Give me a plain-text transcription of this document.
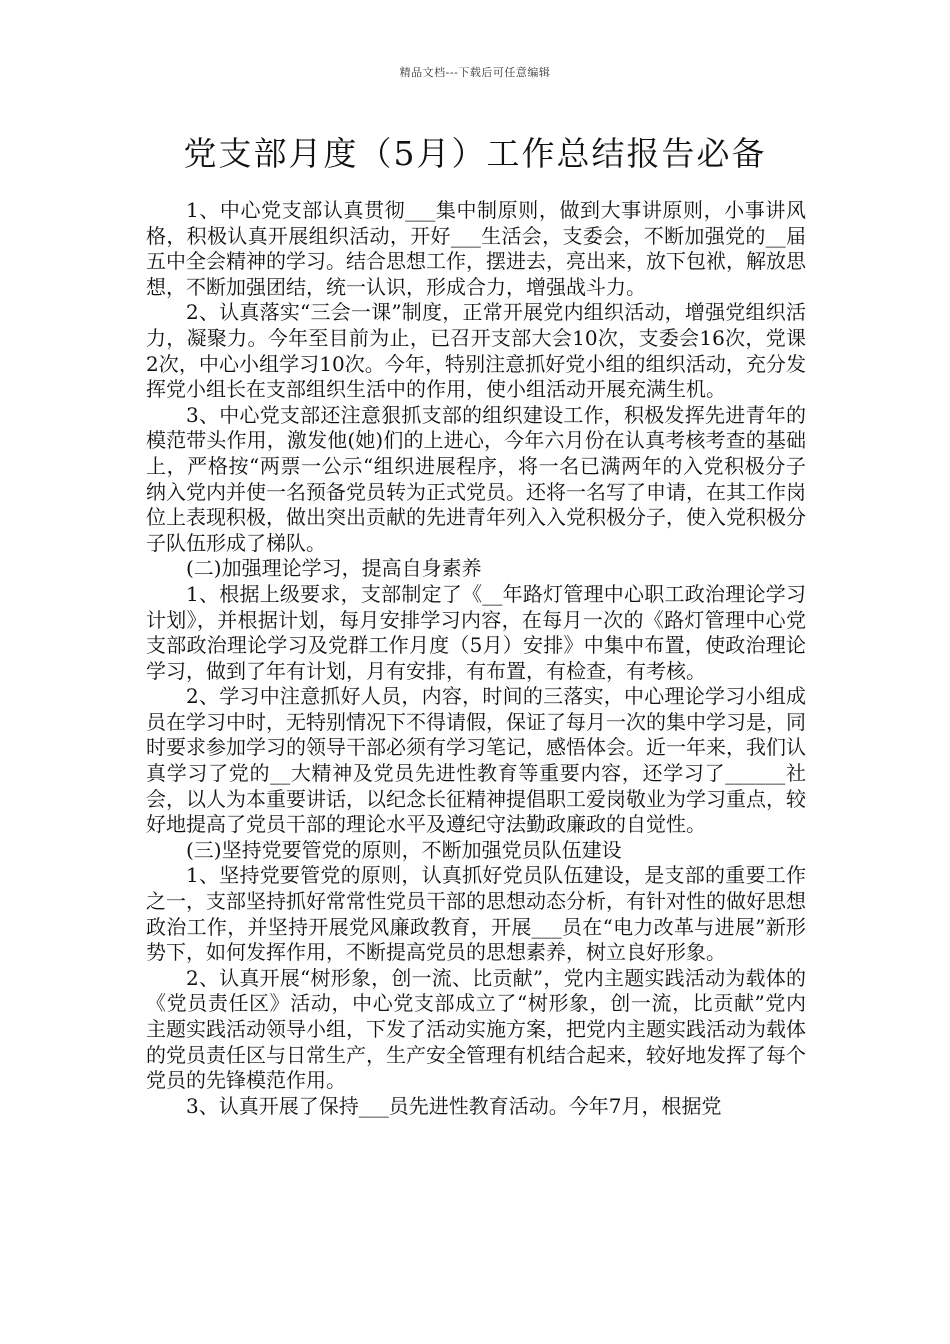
精品文档---下载后可任意编辑
党支部月度（5月）工作总结报告必备

1、中心党支部认真贯彻___集中制原则，做到大事讲原则，小事讲风格，积极认真开展组织活动，开好___生活会，支委会，不断加强党的__届五中全会精神的学习。结合思想工作，摆进去，亮出来，放下包袱，解放思想，不断加强团结，统一认识，形成合力，增强战斗力。

2、认真落实“三会一课”制度，正常开展党内组织活动，增强党组织活力，凝聚力。今年至目前为止，已召开支部大会10次，支委会16次，党课2次，中心小组学习10次。今年，特别注意抓好党小组的组织活动，充分发挥党小组长在支部组织生活中的作用，使小组活动开展充满生机。

3、中心党支部还注意狠抓支部的组织建设工作，积极发挥先进青年的模范带头作用，激发他(她)们的上进心，今年六月份在认真考核考查的基础上，严格按“两票一公示“组织进展程序，将一名已满两年的入党积极分子纳入党内并使一名预备党员转为正式党员。还将一名写了申请，在其工作岗位上表现积极，做出突出贡献的先进青年列入入党积极分子，使入党积极分子队伍形成了梯队。

(二)加强理论学习，提高自身素养

1、根据上级要求，支部制定了《__年路灯管理中心职工政治理论学习计划》，并根据计划，每月安排学习内容，在每月一次的《路灯管理中心党支部政治理论学习及党群工作月度（5月）安排》中集中布置，使政治理论学习，做到了年有计划，月有安排，有布置，有检查，有考核。

2、学习中注意抓好人员，内容，时间的三落实，中心理论学习小组成员在学习中时，无特别情况下不得请假，保证了每月一次的集中学习是，同时要求参加学习的领导干部必须有学习笔记，感悟体会。近一年来，我们认真学习了党的__大精神及党员先进性教育等重要内容，还学习了______社会，以人为本重要讲话，以纪念长征精神提倡职工爱岗敬业为学习重点，较好地提高了党员干部的理论水平及遵纪守法勤政廉政的自觉性。

(三)坚持党要管党的原则，不断加强党员队伍建设

1、坚持党要管党的原则，认真抓好党员队伍建设，是支部的重要工作之一，支部坚持抓好常常性党员干部的思想动态分析，有针对性的做好思想政治工作，并坚持开展党风廉政教育，开展___员在“电力改革与进展”新形势下，如何发挥作用，不断提高党员的思想素养，树立良好形象。

2、认真开展“树形象，创一流、比贡献”，党内主题实践活动为载体的《党员责任区》活动，中心党支部成立了“树形象，创一流，比贡献”党内主题实践活动领导小组，下发了活动实施方案，把党内主题实践活动为载体的党员责任区与日常生产，生产安全管理有机结合起来，较好地发挥了每个党员的先锋模范作用。

3、认真开展了保持___员先进性教育活动。今年7月，根据党
